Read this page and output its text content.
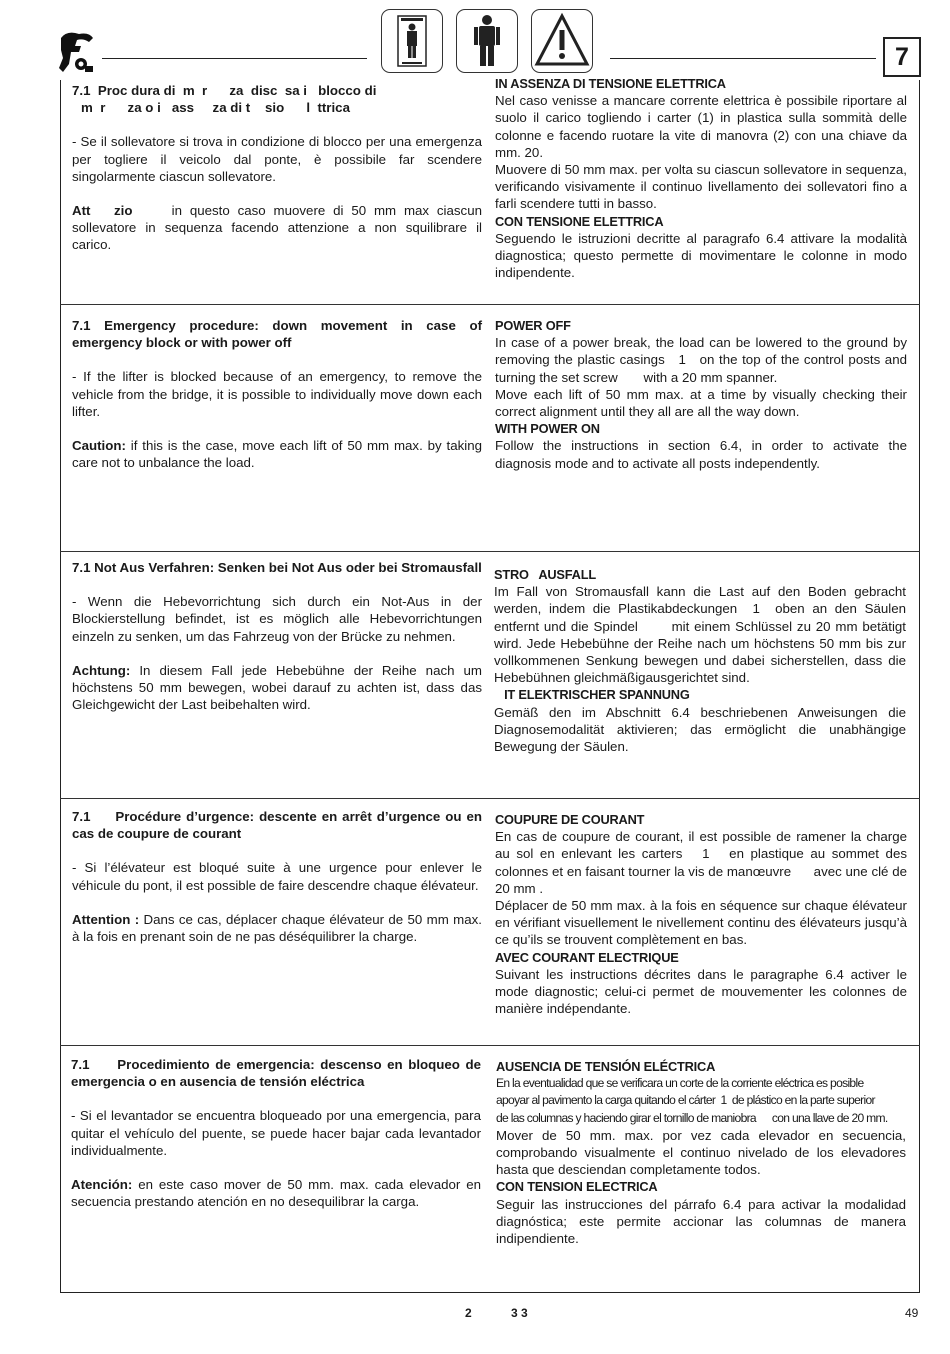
7

7.1  Proc dura di  m  r      za  disc  sa i   blocco di

m  r      za o i   ass     za di t    sio      l  ttrica

- Se il sollevatore si trova in condizione di blocco per una emergenza per togliere il veicolo dal ponte, è possibile far scendere singolarmente ciascun sollevatore.

Att   zio     in questo caso muovere di 50 mm max ciascun sollevatore in sequenza facendo attenzione a non squilibrare il carico.

IN ASSENZA DI TENSIONE ELETTRICA

Nel caso venisse a mancare corrente elettrica è possibile riportare al suolo il carico togliendo i carter (1) in plastica sulla sommità delle colonne e facendo ruotare la vite di manovra (2) con una chiave da mm. 20.

Muovere di 50 mm max. per volta su ciascun sollevatore in sequenza, verificando visivamente il continuo livellamento dei sollevatori fino a farli scendere tutti in basso.

CON TENSIONE ELETTRICA

Seguendo le istruzioni decritte al paragrafo 6.4 attivare la modalità diagnostica; questo permette di movimentare le colonne in modo indipendente.

7.1 Emergency procedure: down movement in case of emergency block or with power off

- If the lifter is blocked because of an emergency, to remove the vehicle from the bridge, it is possible to individually move down each lifter.

Caution: if this is the case, move each lift of 50 mm max. by taking care not to unbalance the load.

POWER OFF

In case of a power break, the load can be lowered to the ground by removing the plastic casings   1   on the top of the control posts and turning the set screw       with a 20 mm spanner.

Move each lift of 50 mm max. at a time by visually checking their correct alignment until they all are all the way down.

WITH POWER ON

Follow the instructions in section 6.4, in order to activate the diagnosis mode and to activate all posts independently.

7.1 Not Aus Verfahren: Senken bei Not Aus oder bei Stromausfall

- Wenn die Hebevorrichtung sich durch ein Not-Aus in der Blockierstellung befindet, ist es möglich alle Hebevorrichtungen einzeln zu senken, um das Fahrzeug von der Brücke zu nehmen.

Achtung: In diesem Fall jede Hebebühne der Reihe nach um höchstens 50 mm bewegen, wobei darauf zu achten ist, dass das Gleichgewicht der Last beibehalten wird.

STRO   AUSFALL

Im Fall von Stromausfall kann die Last auf den Boden gebracht werden, indem die Plastikabdeckungen  1  oben an den Säulen entfernt und die Spindel       mit einem Schlüssel zu 20 mm betätigt wird. Jede Hebebühne der Reihe nach um höchstens 50 mm bis zur vollkommenen Senkung bewegen und dabei sicherstellen, dass die Hebebühnen gleichmäßigausgerichtet sind.

IT ELEKTRISCHER SPANNUNG

Gemäß den im Abschnitt 6.4 beschriebenen Anweisungen die Diagnosemodalität aktivieren; das ermöglicht die unabhängige Bewegung der Säulen.

7.1     Procédure d’urgence: descente en arrêt d’urgence ou en cas de coupure de courant

- Si l’élévateur est bloqué suite à une urgence pour enlever le véhicule du pont, il est possible de faire descendre chaque élévateur.

Attention : Dans ce cas, déplacer chaque élévateur de 50 mm max. à la fois en prenant soin de ne pas déséquilibrer la charge.

COUPURE DE COURANT

En cas de coupure de courant, il est possible de ramener la charge au sol en enlevant les carters   1   en plastique au sommet des colonnes et en faisant tourner la vis de manœuvre      avec une clé de 20 mm .

Déplacer de 50 mm max. à la fois en séquence sur chaque élévateur en vérifiant visuellement le nivellement continu des élévateurs jusqu’à ce qu’ils se trouvent complètement en bas.

AVEC COURANT ELECTRIQUE

Suivant les instructions décrites dans le paragraphe 6.4 activer le mode diagnostic; celui-ci permet de mouvementer les colonnes de manière indépendante.

7.1     Procedimiento de emergencia: descenso en bloqueo de emergencia o en ausencia de tensión eléctrica

- Si el levantador se encuentra bloqueado por una emergencia, para quitar el vehículo del puente, se puede hacer bajar cada levantador individualmente.

Atención: en este caso mover de 50 mm. max. cada elevador en secuencia prestando atención en no desequilibrar la carga.

AUSENCIA DE TENSIÓN ELÉCTRICA

En la eventualidad que se verificara un corte de la corriente eléctrica es posible

apoyar al pavimento la carga quitando el cárter  1  de plástico en la parte superior

de las columnas y haciendo girar el tornillo de maniobra      con una llave de 20 mm.

Mover de 50 mm. max. por vez cada elevador en secuencia, comprobando visualmente el continuo nivelado de los elevadores hasta que desciendan completamente todos.

CON TENSION ELECTRICA

Seguir las instrucciones del párrafo 6.4 para activar la modalidad diagnóstica; este permite accionar las columnas de manera indipendiente.

2	3 3	49
